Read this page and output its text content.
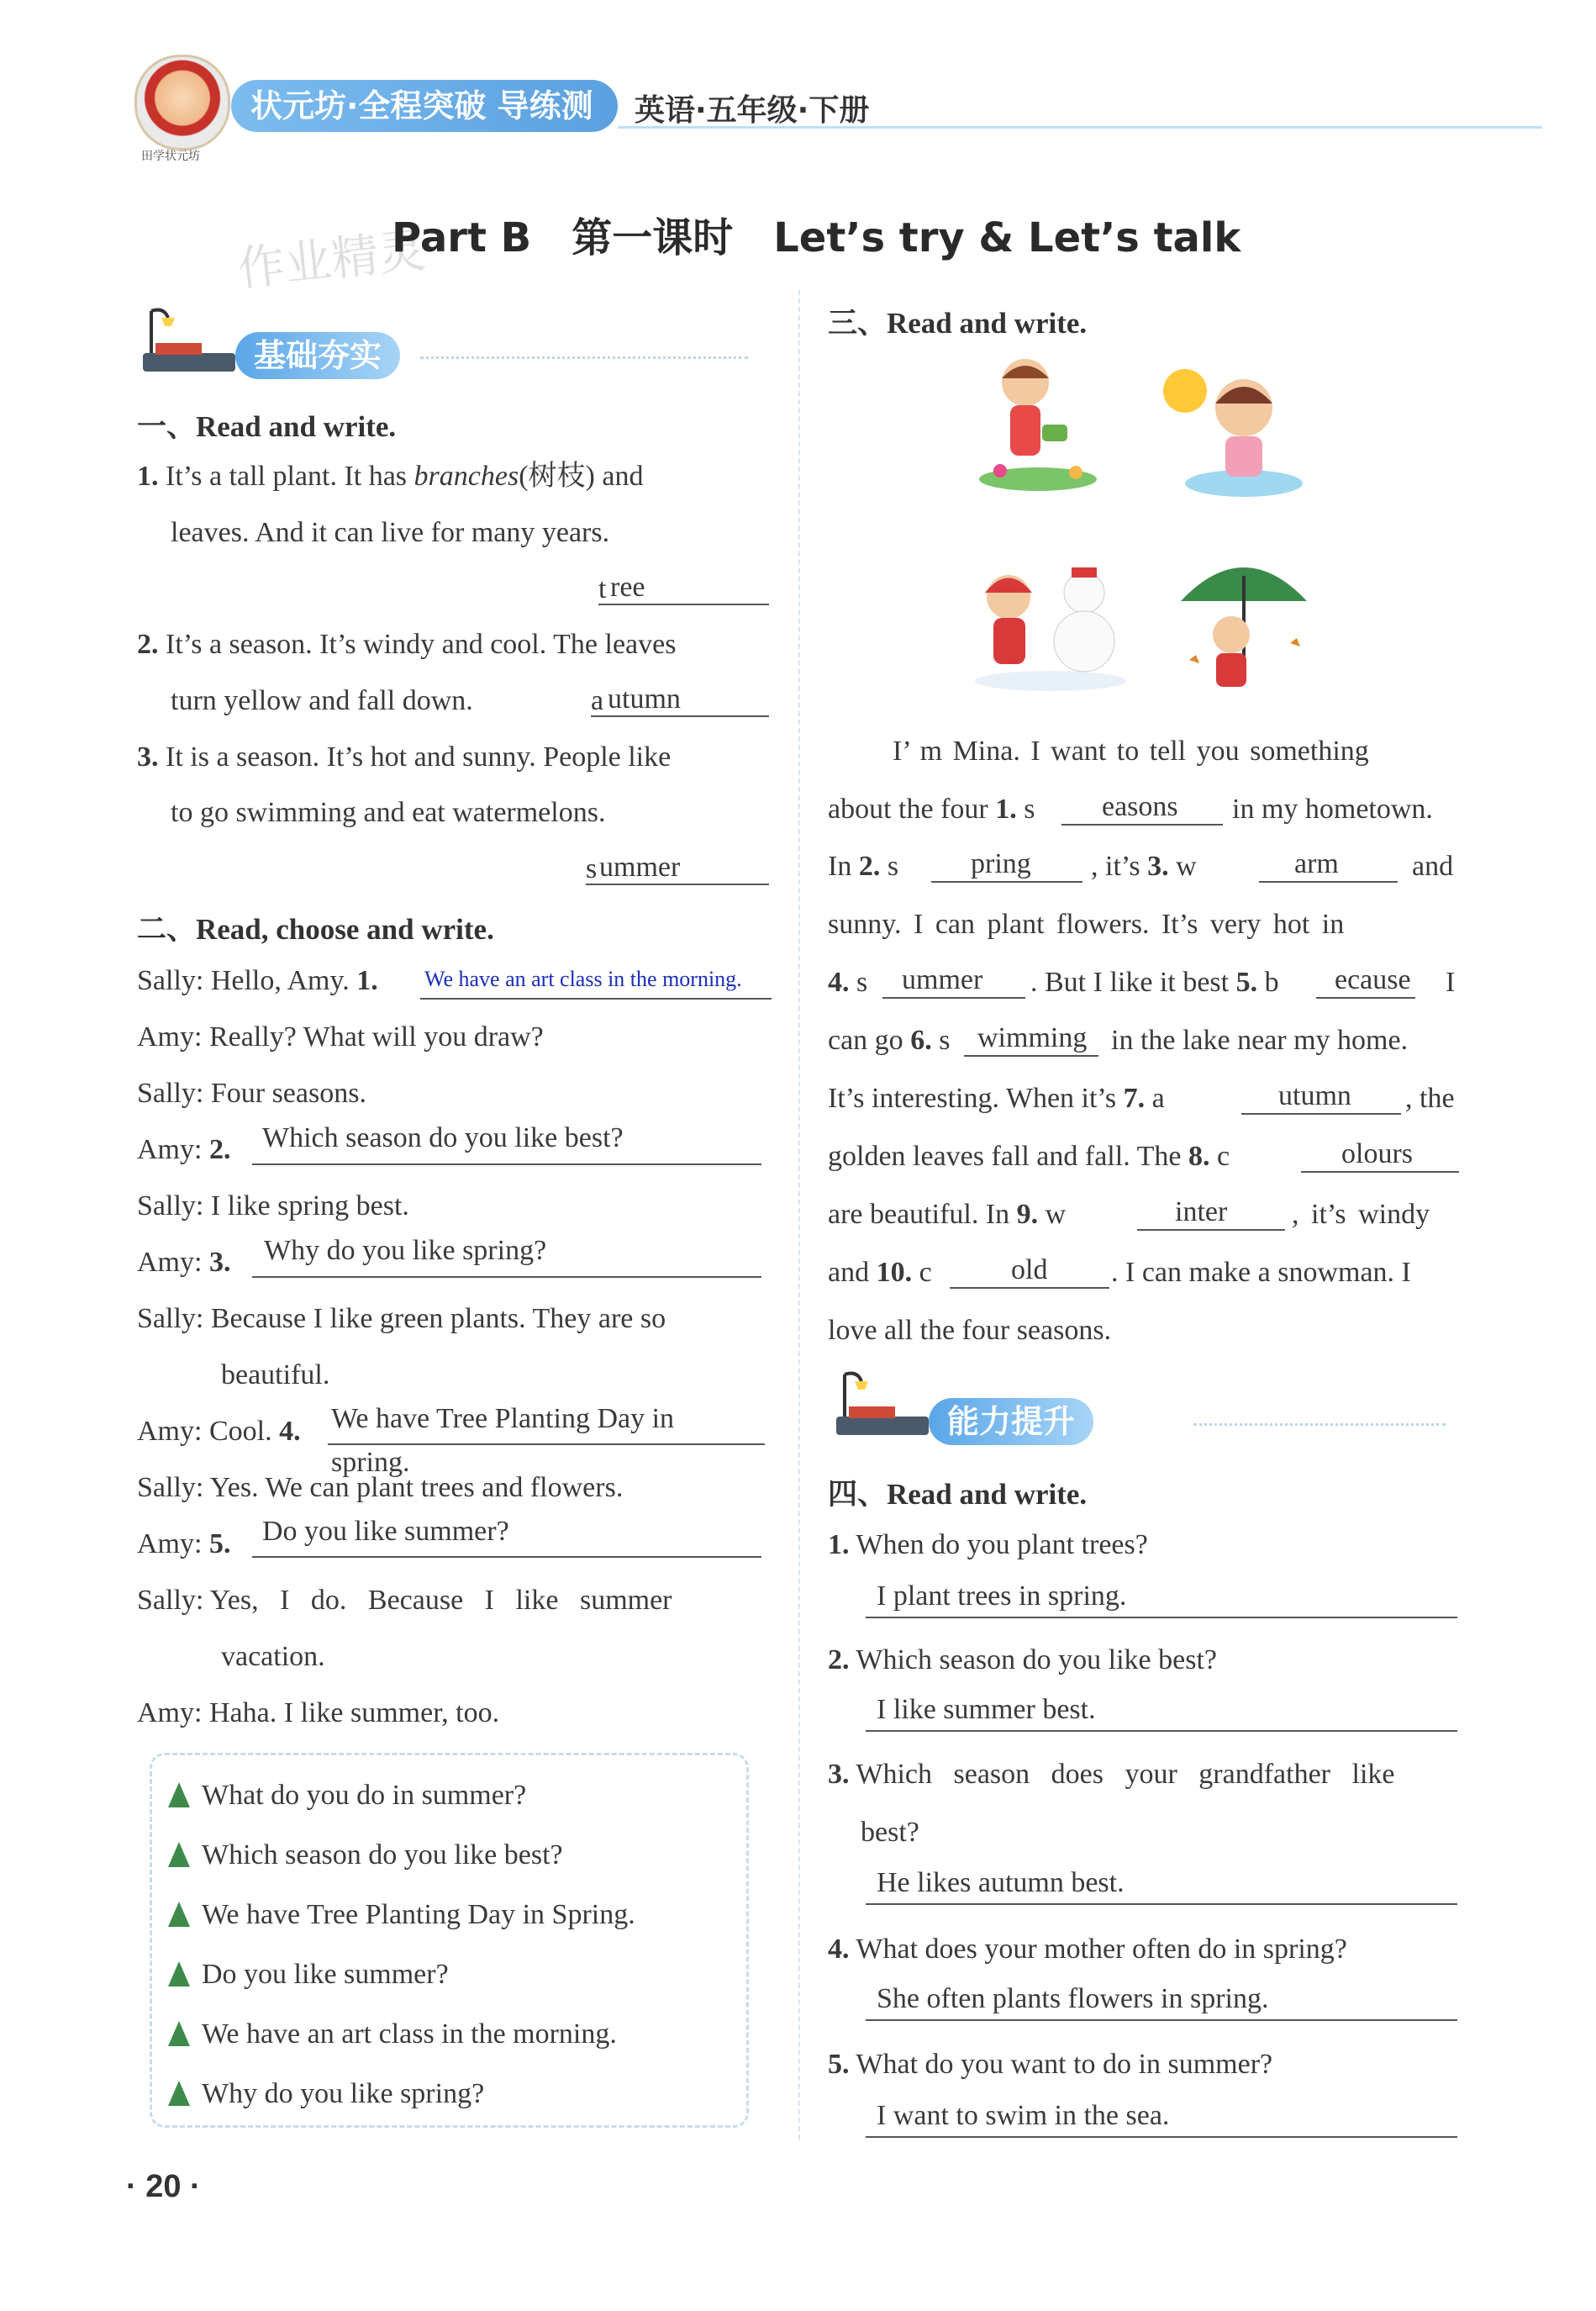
田学状元坊
状元坊·全程突破 导练测 英语·五年级·下册
作业精灵
Part B　第一课时　Let’s try & Let’s talk
基础夯实
一、Read and write.
1. It’s a tall plant. It has branches(树枝) and
leaves. And it can live for many years.
t ree
2. It’s a season. It’s windy and cool. The leaves
turn yellow and fall down.	a utumn
3. It is a season. It’s hot and sunny. People like
to go swimming and eat watermelons.
s ummer
二、Read, choose and write.
Sally: Hello, Amy. 1. We have an art class in the morning.
Amy: Really? What will you draw?
Sally: Four seasons.
Amy: 2. Which season do you like best?
Sally: I like spring best.
Amy: 3. Why do you like spring?
Sally: Because I like green plants. They are so
beautiful.
Amy: Cool. 4. We have Tree Planting Day in
spring.
Sally: Yes. We can plant trees and flowers.
Amy: 5. Do you like summer?
Sally: Yes,   I   do.   Because   I   like   summer
vacation.
Amy: Haha. I like summer, too.
What do you do in summer?
Which season do you like best?
We have Tree Planting Day in Spring.
Do you like summer?
We have an art class in the morning.
Why do you like spring?
· 20 ·
三、Read and write.
I’ m Mina. I want to tell you something
about the four 1. s easons in my hometown.
In 2. s	pring , it’s 3. w	arm	and
sunny. I can plant flowers. It’s very hot in
4. s ummer . But I like it best 5. b ecause I
can go 6. s wimming in the lake near my home.
It’s interesting. When it’s 7. a	utumn , the
golden leaves fall and fall. The 8. c	olours
are beautiful. In 9. w	inter , it’s windy
and 10. c	old . I can make a snowman. I
love all the four seasons.
能力提升
四、Read and write.
1. When do you plant trees?
I plant trees in spring.
2. Which season do you like best?
I like summer best.
3. Which   season   does   your   grandfather   like
best?
He likes autumn best.
4. What does your mother often do in spring?
She often plants flowers in spring.
5. What do you want to do in summer?
I want to swim in the sea.
